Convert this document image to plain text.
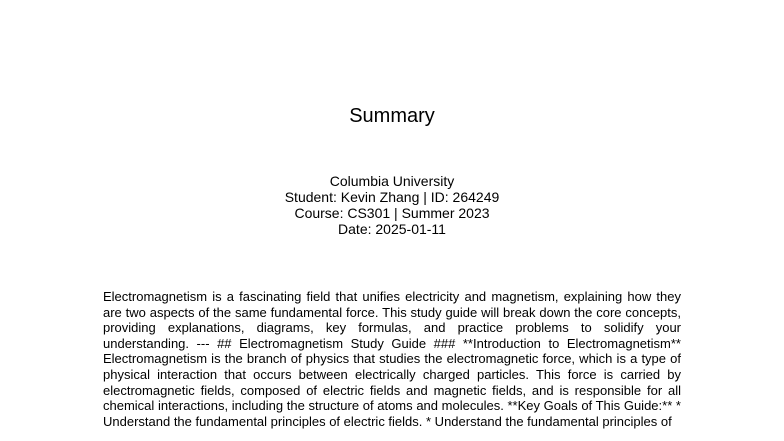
Summary
Columbia University
Student: Kevin Zhang | ID: 264249
Course: CS301 | Summer 2023
Date: 2025-01-11
Electromagnetism is a fascinating field that unifies electricity and magnetism, explaining how they are two aspects of the same fundamental force. This study guide will break down the core concepts, providing explanations, diagrams, key formulas, and practice problems to solidify your understanding. --- ## Electromagnetism Study Guide ### **Introduction to Electromagnetism** Electromagnetism is the branch of physics that studies the electromagnetic force, which is a type of physical interaction that occurs between electrically charged particles. This force is carried by electromagnetic fields, composed of electric fields and magnetic fields, and is responsible for all chemical interactions, including the structure of atoms and molecules. **Key Goals of This Guide:** * Understand the fundamental principles of electric fields. * Understand the fundamental principles of
